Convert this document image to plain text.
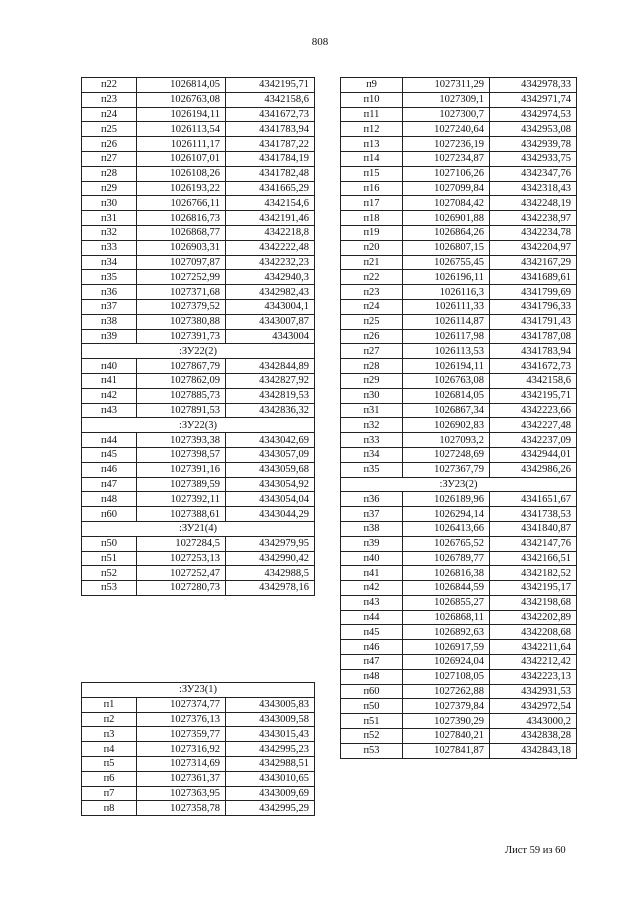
808
п22	1026814,05	4342195,71
п23	1026763,08	4342158,6
п24	1026194,11	4341672,73
п25	1026113,54	4341783,94
п26	1026111,17	4341787,22
п27	1026107,01	4341784,19
п28	1026108,26	4341782,48
п29	1026193,22	4341665,29
п30	1026766,11	4342154,6
п31	1026816,73	4342191,46
п32	1026868,77	4342218,8
п33	1026903,31	4342222,48
п34	1027097,87	4342232,23
п35	1027252,99	4342940,3
п36	1027371,68	4342982,43
п37	1027379,52	4343004,1
п38	1027380,88	4343007,87
п39	1027391,73	4343004
:ЗУ22(2)		
п40	1027867,79	4342844,89
п41	1027862,09	4342827,92
п42	1027885,73	4342819,53
п43	1027891,53	4342836,32
:ЗУ22(3)		
п44	1027393,38	4343042,69
п45	1027398,57	4343057,09
п46	1027391,16	4343059,68
п47	1027389,59	4343054,92
п48	1027392,11	4343054,04
п60	1027388,61	4343044,29
:ЗУ21(4)		
п50	1027284,5	4342979,95
п51	1027253,13	4342990,42
п52	1027252,47	4342988,5
п53	1027280,73	4342978,16
:ЗУ23(1)		
п1	1027374,77	4343005,83
п2	1027376,13	4343009,58
п3	1027359,77	4343015,43
п4	1027316,92	4342995,23
п5	1027314,69	4342988,51
п6	1027361,37	4343010,65
п7	1027363,95	4343009,69
п8	1027358,78	4342995,29
п9	1027311,29	4342978,33
п10	1027309,1	4342971,74
п11	1027300,7	4342974,53
п12	1027240,64	4342953,08
п13	1027236,19	4342939,78
п14	1027234,87	4342933,75
п15	1027106,26	4342347,76
п16	1027099,84	4342318,43
п17	1027084,42	4342248,19
п18	1026901,88	4342238,97
п19	1026864,26	4342234,78
п20	1026807,15	4342204,97
п21	1026755,45	4342167,29
п22	1026196,11	4341689,61
п23	1026116,3	4341799,69
п24	1026111,33	4341796,33
п25	1026114,87	4341791,43
п26	1026117,98	4341787,08
п27	1026113,53	4341783,94
п28	1026194,11	4341672,73
п29	1026763,08	4342158,6
п30	1026814,05	4342195,71
п31	1026867,34	4342223,66
п32	1026902,83	4342227,48
п33	1027093,2	4342237,09
п34	1027248,69	4342944,01
п35	1027367,79	4342986,26
:ЗУ23(2)		
п36	1026189,96	4341651,67
п37	1026294,14	4341738,53
п38	1026413,66	4341840,87
п39	1026765,52	4342147,76
п40	1026789,77	4342166,51
п41	1026816,38	4342182,52
п42	1026844,59	4342195,17
п43	1026855,27	4342198,68
п44	1026868,11	4342202,89
п45	1026892,63	4342208,68
п46	1026917,59	4342211,64
п47	1026924,04	4342212,42
п48	1027108,05	4342223,13
п60	1027262,88	4342931,53
п50	1027379,84	4342972,54
п51	1027390,29	4343000,2
п52	1027840,21	4342838,28
п53	1027841,87	4342843,18
Лист 59 из 60
